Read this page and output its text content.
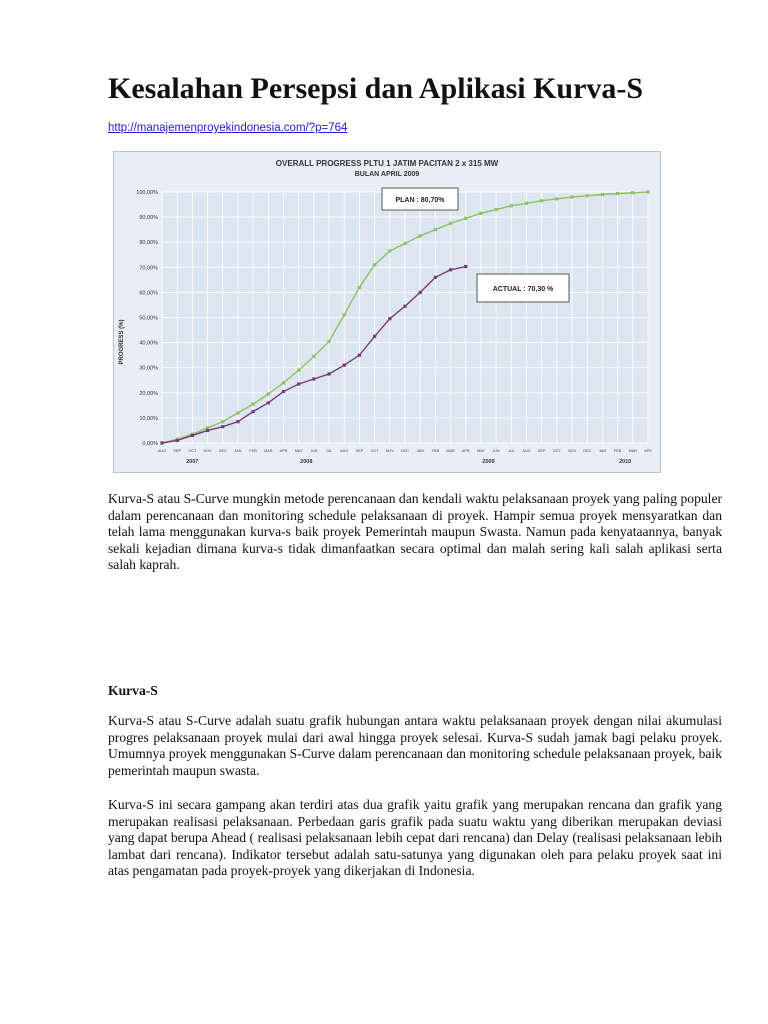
Kesalahan Persepsi dan Aplikasi Kurva-S
http://manajemenproyekindonesia.com/?p=764
OVERALL PROGRESS PLTU 1 JATIM PACITAN 2 x 315 MW
BULAN APRIL 2009
PROGRESS (%)
0,00%
10,00%
20,00%
30,00%
40,00%
50,00%
60,00%
70,00%
80,00%
90,00%
100,00%
AUG SEP OCT NOV DEC JAN FEB MAR APR MAY JUN JUL AUG SEP OCT NOV DEC JAN FEB MAR APR MAY JUN JUL AUG SEP OCT NOV DEC JAN FEB MAR APR
2007	2008	2009	2010
PLAN : 80,70%
ACTUAL : 70,30 %

Kurva-S atau S-Curve mungkin metode perencanaan dan kendali waktu pelaksanaan proyek yang paling populer dalam perencanaan dan monitoring schedule pelaksanaan di proyek. Hampir semua proyek mensyaratkan dan telah lama menggunakan kurva-s baik proyek Pemerintah maupun Swasta. Namun pada kenyataannya, banyak sekali kejadian dimana kurva-s tidak dimanfaatkan secara optimal dan malah sering kali salah aplikasi serta salah kaprah.

Kurva-S

Kurva-S atau S-Curve adalah suatu grafik hubungan antara waktu pelaksanaan proyek dengan nilai akumulasi progres pelaksanaan proyek mulai dari awal hingga proyek selesai. Kurva-S sudah jamak bagi pelaku proyek. Umumnya proyek menggunakan S-Curve dalam perencanaan dan monitoring schedule pelaksanaan proyek, baik pemerintah maupun swasta.

Kurva-S ini secara gampang akan terdiri atas dua grafik yaitu grafik yang merupakan rencana dan grafik yang merupakan realisasi pelaksanaan. Perbedaan garis grafik pada suatu waktu yang diberikan merupakan deviasi yang dapat berupa Ahead ( realisasi pelaksanaan lebih cepat dari rencana) dan Delay (realisasi pelaksanaan lebih lambat dari rencana). Indikator tersebut adalah satu-satunya yang digunakan oleh para pelaku proyek saat ini atas pengamatan pada proyek-proyek yang dikerjakan di Indonesia.
